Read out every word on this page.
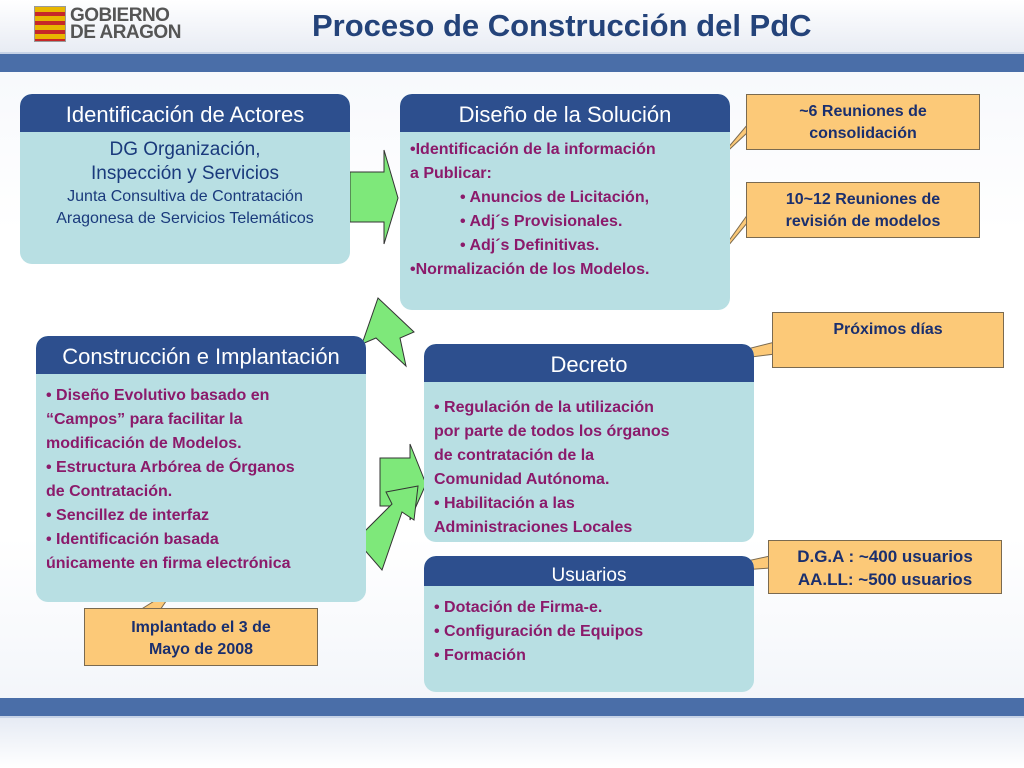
GOBIERNO
DE ARAGON	Proceso de Construcción del PdC
Identificación de Actores
DG Organización,
Inspección y Servicios
Junta Consultiva de Contratación
Aragonesa de Servicios Telemáticos
Diseño de la Solución
•Identificación de la información
a Publicar:
• Anuncios de Licitación,
• Adj´s Provisionales.
• Adj´s Definitivas.
•Normalización de los Modelos.
Construcción e Implantación
• Diseño Evolutivo basado en
“Campos” para facilitar la
modificación de Modelos.
• Estructura Arbórea de Órganos
de Contratación.
• Sencillez de interfaz
• Identificación basada
únicamente en firma electrónica
Decreto
• Regulación de la utilización
por parte de todos los órganos
de contratación de la
Comunidad Autónoma.
• Habilitación a las
Administraciones Locales
Usuarios
• Dotación de Firma-e.
• Configuración de Equipos
• Formación
~6 Reuniones de
consolidación
10~12 Reuniones de
revisión de modelos
Próximos días
D.G.A : ~400 usuarios
AA.LL: ~500 usuarios
Implantado el 3 de
Mayo de 2008
